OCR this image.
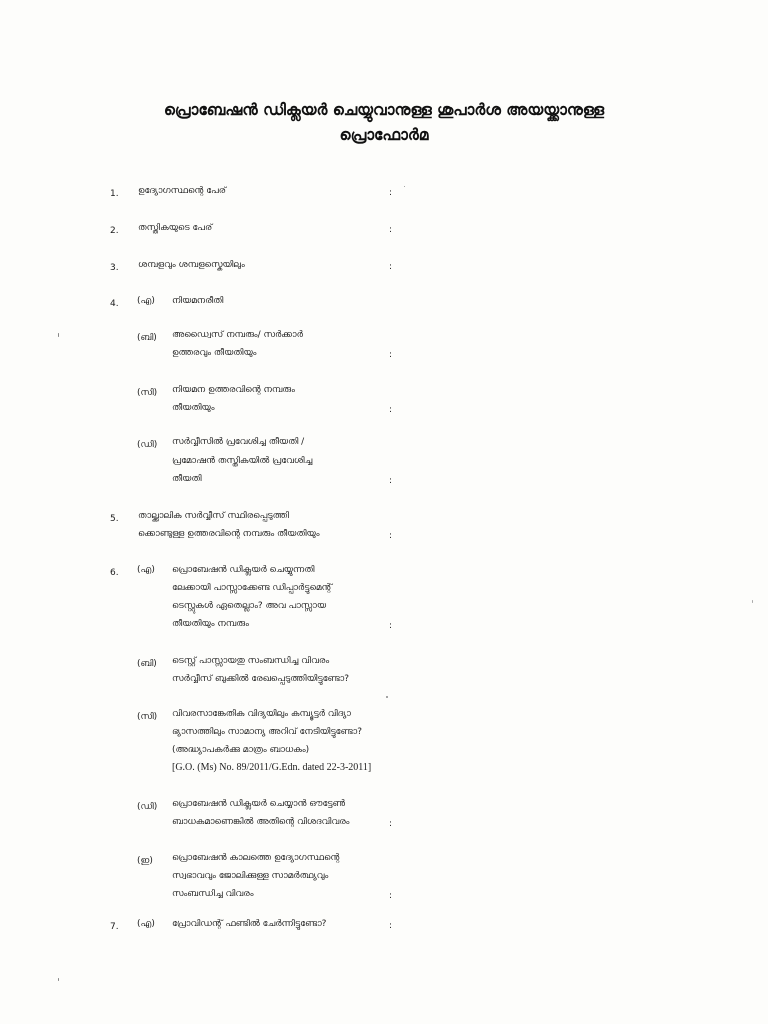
പ്രൊബേഷൻ ഡിക്ലയർ ചെയ്യുവാനുള്ള ശുപാർശ അയയ്ക്കാനുള്ള
പ്രൊഫോർമ
1. ഉദ്യോഗസ്ഥന്റെ പേര്	:
2. തസ്തികയുടെ പേര്	:
3. ശമ്പളവും ശമ്പളസ്കെയിലും	:
4. (എ) നിയമനരീതി
(ബി) അഡ്വൈസ് നമ്പരും/ സർക്കാർ
ഉത്തരവും തീയതിയും	:
(സി) നിയമന ഉത്തരവിന്റെ നമ്പരും
തീയതിയും	:
(ഡി) സർവ്വീസിൽ പ്രവേശിച്ച തീയതി /
പ്രമോഷൻ തസ്തികയിൽ പ്രവേശിച്ച
തീയതി	:
5. താല്ക്കാലിക സർവ്വീസ് സ്ഥിരപ്പെടുത്തി
ക്കൊണ്ടുള്ള ഉത്തരവിന്റെ നമ്പരും തീയതിയും	:
6. (എ) പ്രൊബേഷൻ ഡിക്ലയർ ചെയ്യുന്നതി
ലേക്കായി പാസ്സാക്കേണ്ട ഡിപ്പാർട്ടുമെന്റ്
ടെസ്റ്റുകൾ ഏതെല്ലാം? അവ പാസ്സായ
തീയതിയും നമ്പരും	:
(ബി) ടെസ്റ്റ് പാസ്സായതു സംബന്ധിച്ച വിവരം
സർവ്വീസ് ബുക്കിൽ രേഖപ്പെടുത്തിയിട്ടുണ്ടോ?
(സി) വിവരസാങ്കേതിക വിദ്യയിലും കമ്പ്യൂട്ടർ വിദ്യാ
ഭ്യാസത്തിലും സാമാന്യ അറിവ് നേടിയിട്ടുണ്ടോ?
(അദ്ധ്യാപകർക്കു മാത്രം ബാധകം)
[G.O. (Ms) No. 89/2011/G.Edn. dated 22-3-2011]
(ഡി) പ്രൊബേഷൻ ഡിക്ലയർ ചെയ്യാൻ ഔട്ടേൺ
ബാധകമാണെങ്കിൽ അതിന്റെ വിശദവിവരം	:
(ഇ) പ്രൊബേഷൻ കാലത്തെ ഉദ്യോഗസ്ഥന്റെ
സ്വഭാവവും ജോലിക്കുള്ള സാമർത്ഥ്യവും
സംബന്ധിച്ച വിവരം	:
7. (എ) പ്രോവിഡന്റ് ഫണ്ടിൽ ചേർന്നിട്ടുണ്ടോ?	:
